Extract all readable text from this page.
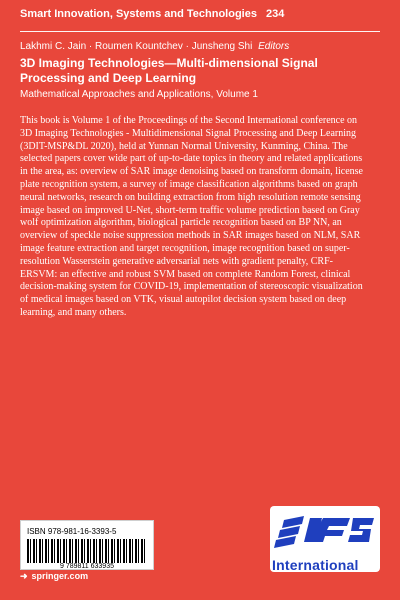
Smart Innovation, Systems and Technologies 234
Lakhmi C. Jain · Roumen Kountchev · Junsheng Shi Editors
3D Imaging Technologies—Multi-dimensional Signal Processing and Deep Learning
Mathematical Approaches and Applications, Volume 1
This book is Volume 1 of the Proceedings of the Second International conference on 3D Imaging Technologies - Multidimensional Signal Processing and Deep Learning (3DIT-MSP&DL 2020), held at Yunnan Normal University, Kunming, China. The selected papers cover wide part of up-to-date topics in theory and related applications in the area, as: overview of SAR image denoising based on transform domain, license plate recognition system, a survey of image classification algorithms based on graph neural networks, research on building extraction from high resolution remote sensing image based on improved U-Net, short-term traffic volume prediction based on Gray wolf optimization algorithm, biological particle recognition based on BP NN, an overview of speckle noise suppression methods in SAR images based on NLM, SAR image feature extraction and target recognition, image recognition based on super-resolution Wasserstein generative adversarial nets with gradient penalty, CRF-ERSVM: an effective and robust SVM based on complete Random Forest, clinical decision-making system for COVID-19, implementation of stereoscopic visualization of medical images based on VTK, visual autopilot decision system based on deep learning, and many others.
ISBN 978-981-16-3393-5
9 789811 633935
➜ springer.com
International
